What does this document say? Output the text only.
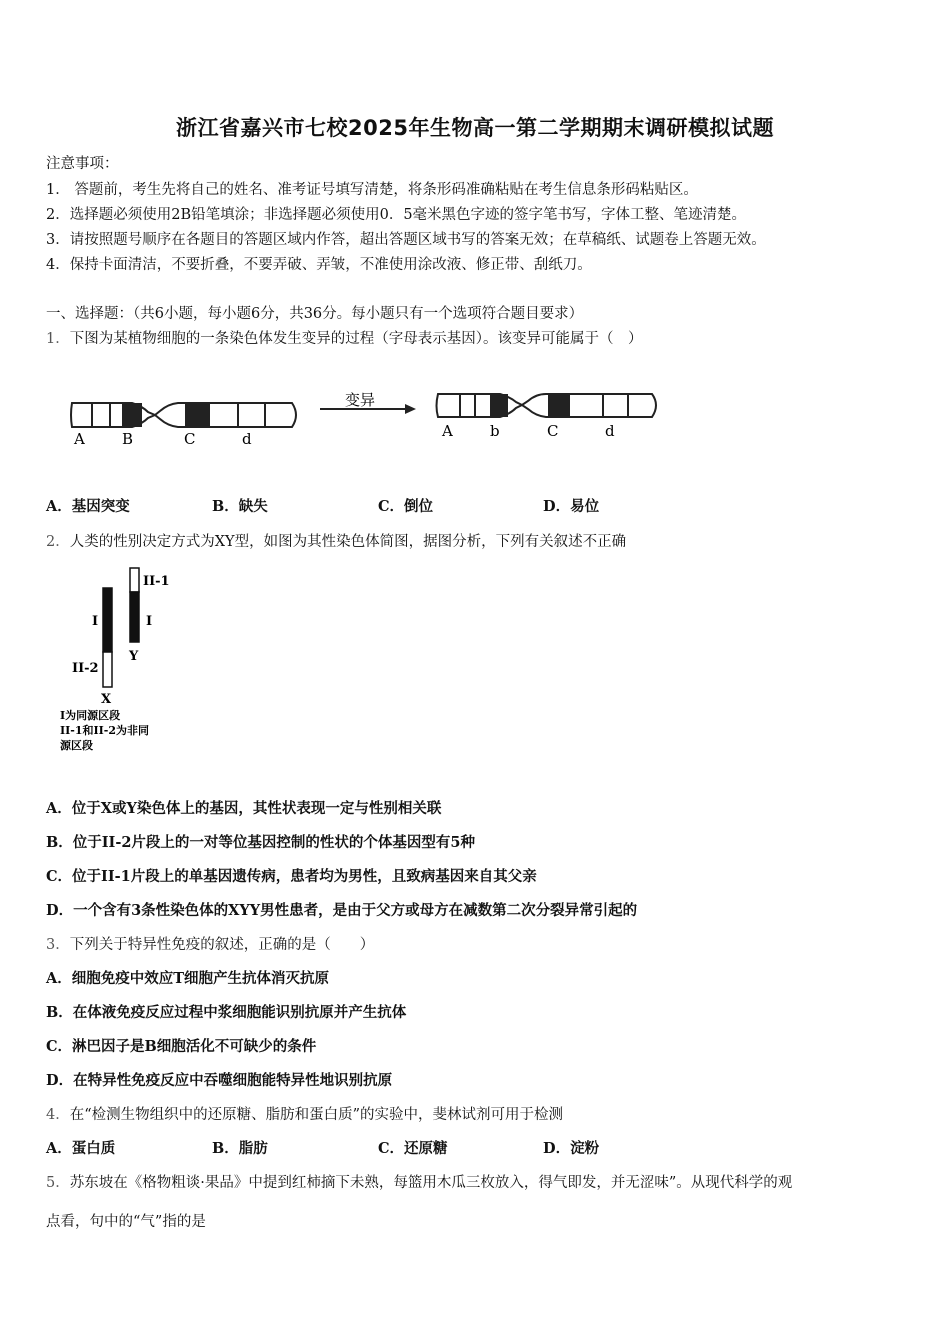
浙江省嘉兴市七校2025年生物高一第二学期期末调研模拟试题
注意事项：
1． 答题前，考生先将自己的姓名、准考证号填写清楚，将条形码准确粘贴在考生信息条形码粘贴区。
2．选择题必须使用2B铅笔填涂；非选择题必须使用0．5毫米黑色字迹的签字笔书写，字体工整、笔迹清楚。
3．请按照题号顺序在各题目的答题区域内作答，超出答题区域书写的答案无效；在草稿纸、试题卷上答题无效。
4．保持卡面清洁，不要折叠，不要弄破、弄皱，不准使用涂改液、修正带、刮纸刀。
一、选择题：（共6小题，每小题6分，共36分。每小题只有一个选项符合题目要求）
1．下图为某植物细胞的一条染色体发生变异的过程（字母表示基因）。该变异可能属于（　）
A B	C	d
变异
A b	C	d
A．基因突变	B．缺失	C．倒位	D．易位
2．人类的性别决定方式为XY型，如图为其性染色体简图，据图分析，下列有关叙述不正确
I	I
II-1
II-2
Y
X
I为同源区段
II-1和II-2为非同
源区段
A．位于X或Y染色体上的基因，其性状表现一定与性别相关联
B．位于II-2片段上的一对等位基因控制的性状的个体基因型有5种
C．位于II-1片段上的单基因遗传病，患者均为男性，且致病基因来自其父亲
D．一个含有3条性染色体的XYY男性患者，是由于父方或母方在减数第二次分裂异常引起的
3．下列关于特异性免疫的叙述，正确的是（　　）
A．细胞免疫中效应T细胞产生抗体消灭抗原
B．在体液免疫反应过程中浆细胞能识别抗原并产生抗体
C．淋巴因子是B细胞活化不可缺少的条件
D．在特异性免疫反应中吞噬细胞能特异性地识别抗原
4．在“检测生物组织中的还原糖、脂肪和蛋白质”的实验中，斐林试剂可用于检测
A．蛋白质	B．脂肪	C．还原糖	D．淀粉
5．苏东坡在《格物粗谈·果品》中提到红柿摘下未熟，每篮用木瓜三枚放入，得气即发，并无涩味”。从现代科学的观
点看，句中的“气”指的是
